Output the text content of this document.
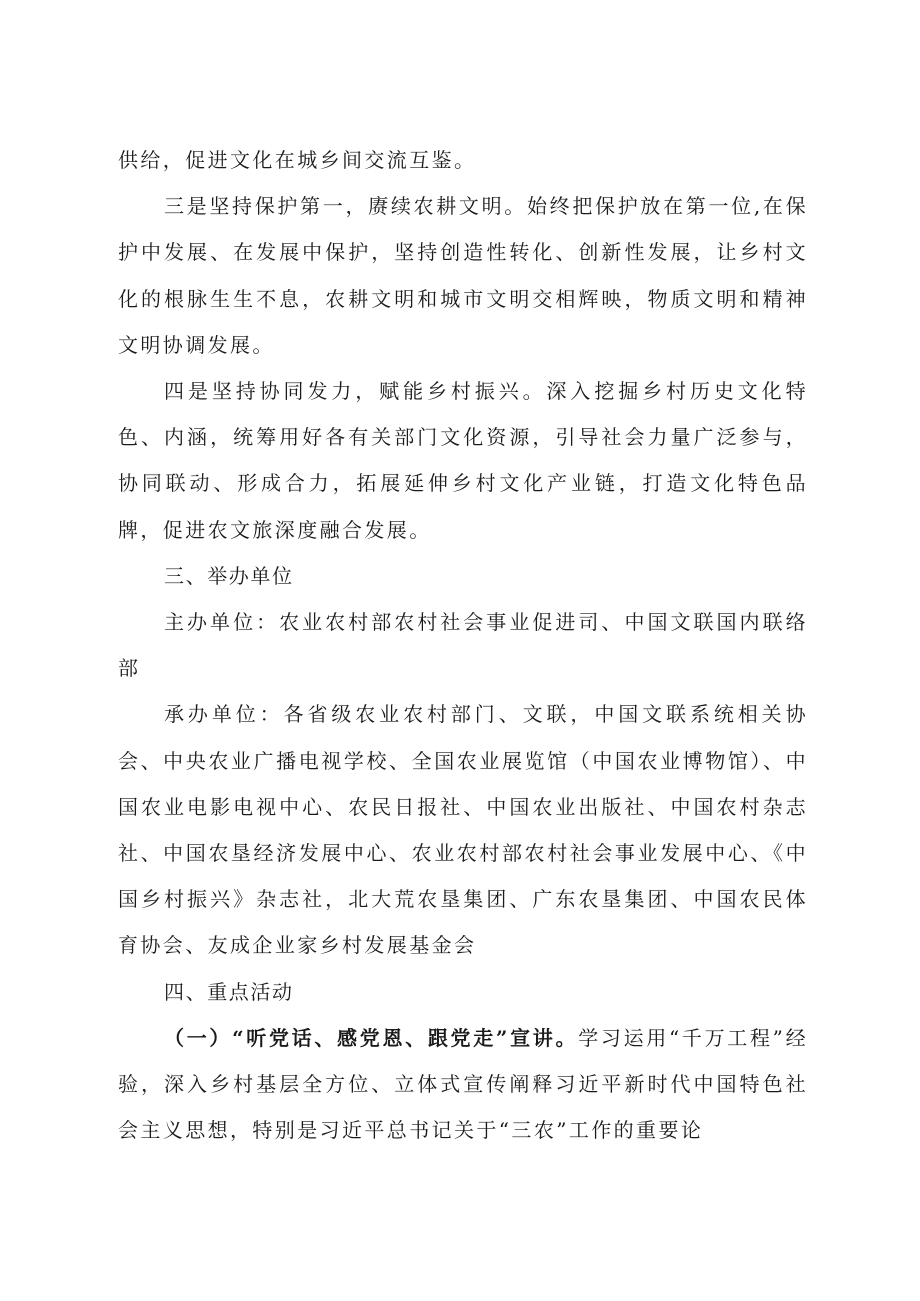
供给，促进文化在城乡间交流互鉴。

三是坚持保护第一，赓续农耕文明。始终把保护放在第一位,在保护中发展、在发展中保护，坚持创造性转化、创新性发展，让乡村文化的根脉生生不息，农耕文明和城市文明交相辉映，物质文明和精神文明协调发展。

四是坚持协同发力，赋能乡村振兴。深入挖掘乡村历史文化特色、内涵，统筹用好各有关部门文化资源，引导社会力量广泛参与，协同联动、形成合力，拓展延伸乡村文化产业链，打造文化特色品牌，促进农文旅深度融合发展。

三、举办单位

主办单位：农业农村部农村社会事业促进司、中国文联国内联络部

承办单位：各省级农业农村部门、文联，中国文联系统相关协会、中央农业广播电视学校、全国农业展览馆（中国农业博物馆）、中国农业电影电视中心、农民日报社、中国农业出版社、中国农村杂志社、中国农垦经济发展中心、农业农村部农村社会事业发展中心、《中国乡村振兴》杂志社，北大荒农垦集团、广东农垦集团、中国农民体育协会、友成企业家乡村发展基金会

四、重点活动

（一）“听党话、感党恩、跟党走”宣讲。学习运用“千万工程”经验，深入乡村基层全方位、立体式宣传阐释习近平新时代中国特色社会主义思想，特别是习近平总书记关于“三农”工作的重要论
